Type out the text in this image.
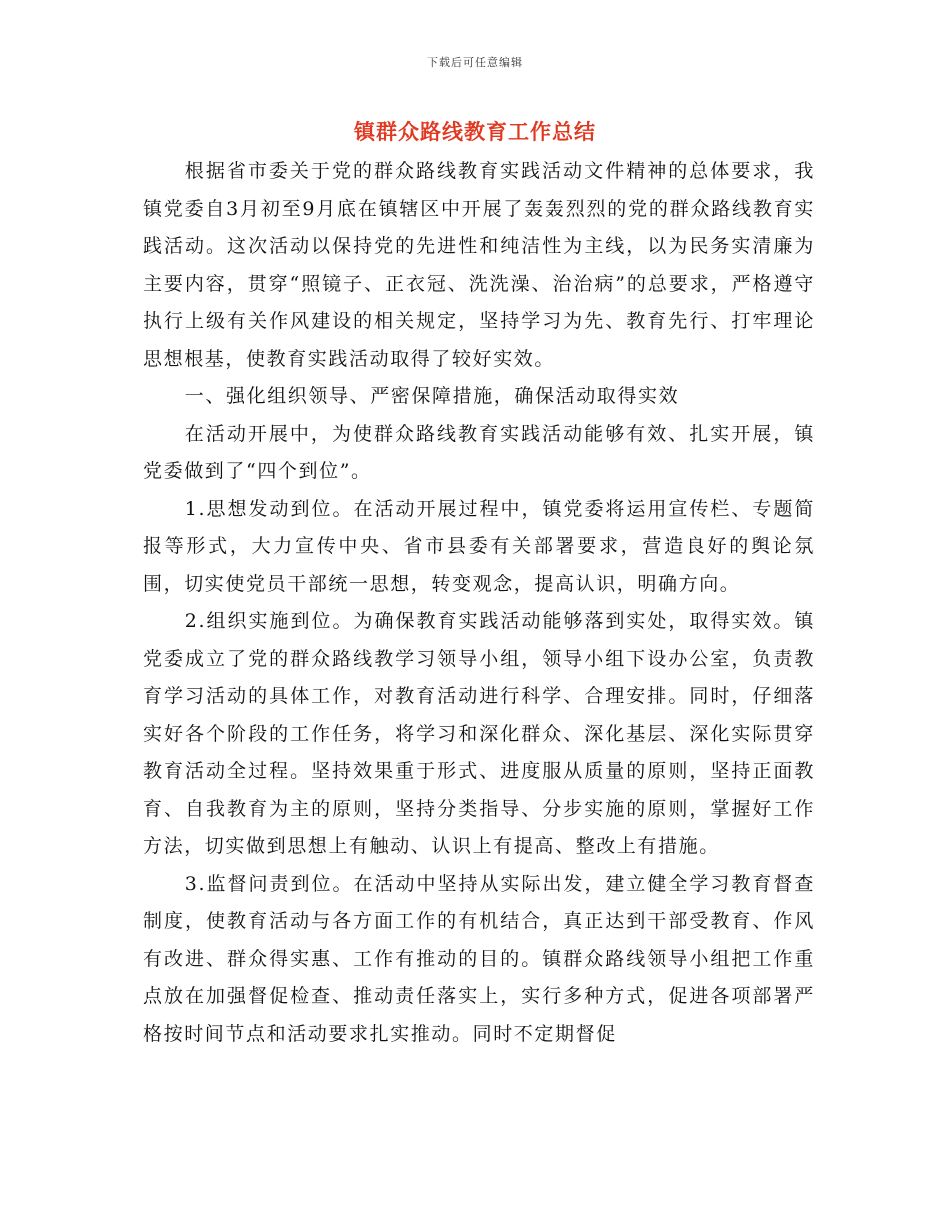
下载后可任意编辑
镇群众路线教育工作总结

根据省市委关于党的群众路线教育实践活动文件精神的总体要求，我镇党委自3月初至9月底在镇辖区中开展了轰轰烈烈的党的群众路线教育实践活动。这次活动以保持党的先进性和纯洁性为主线，以为民务实清廉为主要内容，贯穿“照镜子、正衣冠、洗洗澡、治治病”的总要求，严格遵守执行上级有关作风建设的相关规定，坚持学习为先、教育先行、打牢理论思想根基，使教育实践活动取得了较好实效。

一、强化组织领导、严密保障措施，确保活动取得实效

在活动开展中，为使群众路线教育实践活动能够有效、扎实开展，镇党委做到了“四个到位”。

1.思想发动到位。在活动开展过程中，镇党委将运用宣传栏、专题简报等形式，大力宣传中央、省市县委有关部署要求，营造良好的舆论氛围，切实使党员干部统一思想，转变观念，提高认识，明确方向。

2.组织实施到位。为确保教育实践活动能够落到实处，取得实效。镇党委成立了党的群众路线教学习领导小组，领导小组下设办公室，负责教育学习活动的具体工作，对教育活动进行科学、合理安排。同时，仔细落实好各个阶段的工作任务，将学习和深化群众、深化基层、深化实际贯穿教育活动全过程。坚持效果重于形式、进度服从质量的原则，坚持正面教育、自我教育为主的原则，坚持分类指导、分步实施的原则，掌握好工作方法，切实做到思想上有触动、认识上有提高、整改上有措施。

3.监督问责到位。在活动中坚持从实际出发，建立健全学习教育督查制度，使教育活动与各方面工作的有机结合，真正达到干部受教育、作风有改进、群众得实惠、工作有推动的目的。镇群众路线领导小组把工作重点放在加强督促检查、推动责任落实上，实行多种方式，促进各项部署严格按时间节点和活动要求扎实推动。同时不定期督促
